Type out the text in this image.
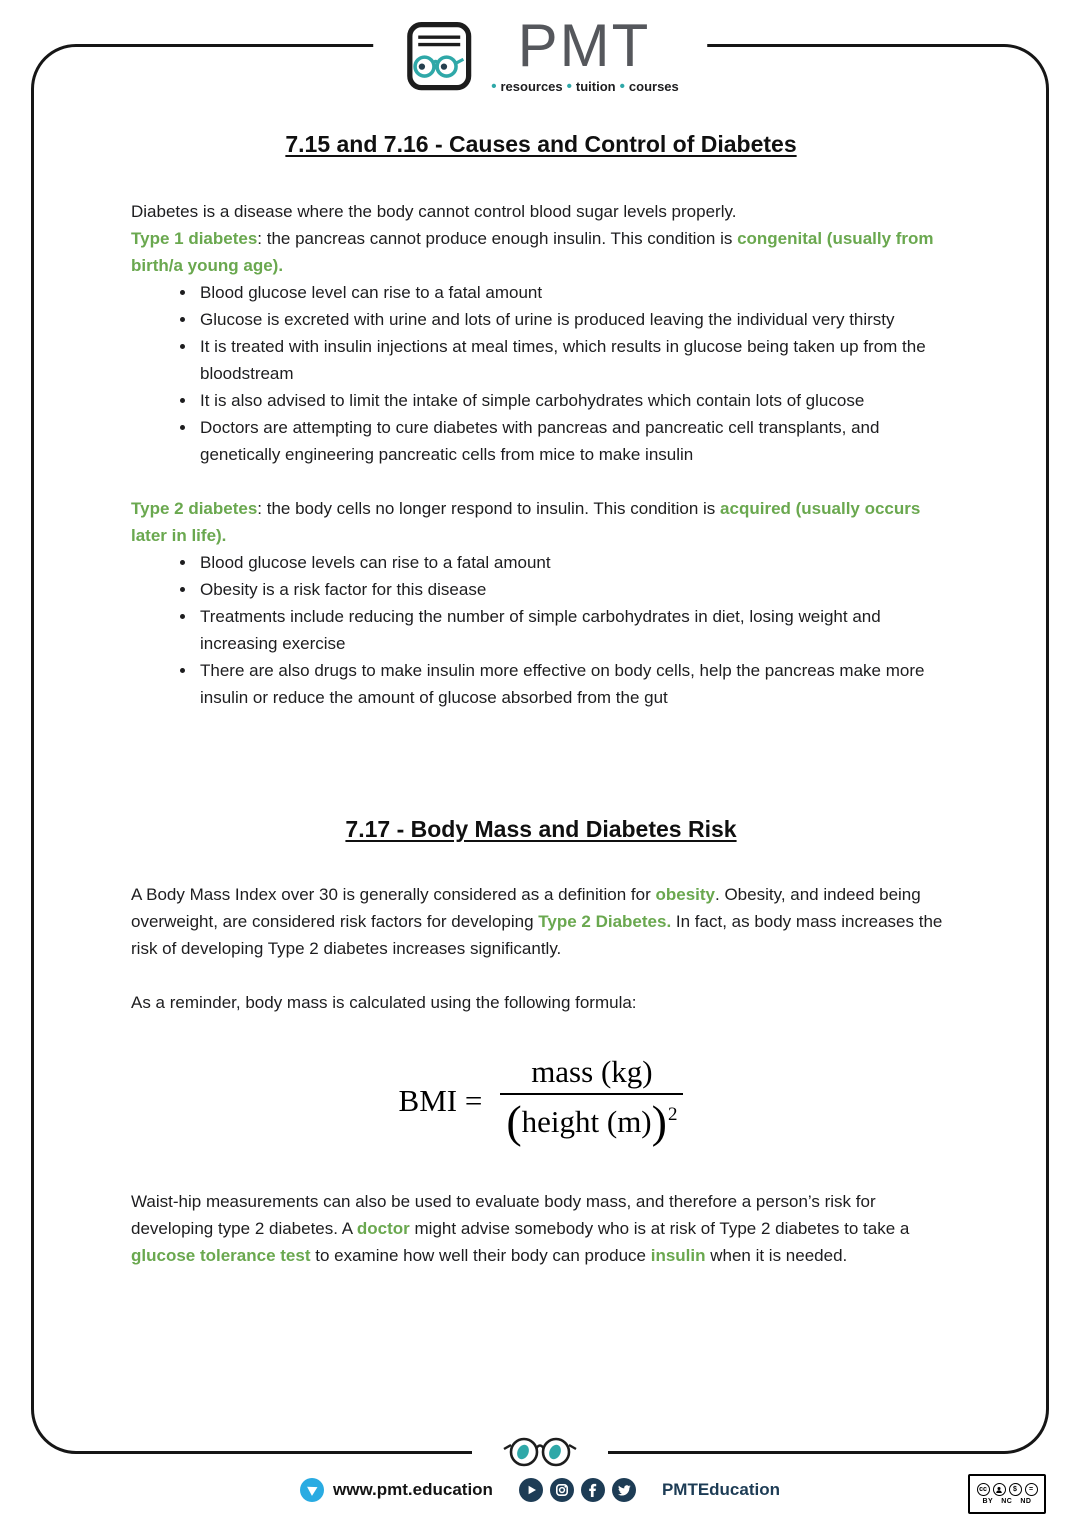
PMT
• resources • tuition • courses
7.15 and 7.16 - Causes and Control of Diabetes

Diabetes is a disease where the body cannot control blood sugar levels properly.

Type 1 diabetes: the pancreas cannot produce enough insulin. This condition is congenital (usually from birth/a young age).

• Blood glucose level can rise to a fatal amount
• Glucose is excreted with urine and lots of urine is produced leaving the individual very thirsty
• It is treated with insulin injections at meal times, which results in glucose being taken up from the bloodstream
• It is also advised to limit the intake of simple carbohydrates which contain lots of glucose
• Doctors are attempting to cure diabetes with pancreas and pancreatic cell transplants, and genetically engineering pancreatic cells from mice to make insulin

Type 2 diabetes: the body cells no longer respond to insulin. This condition is acquired (usually occurs later in life).

• Blood glucose levels can rise to a fatal amount
• Obesity is a risk factor for this disease
• Treatments include reducing the number of simple carbohydrates in diet, losing weight and increasing exercise
• There are also drugs to make insulin more effective on body cells, help the pancreas make more insulin or reduce the amount of glucose absorbed from the gut
7.17 - Body Mass and Diabetes Risk

A Body Mass Index over 30 is generally considered as a definition for obesity. Obesity, and indeed being overweight, are considered risk factors for developing Type 2 Diabetes. In fact, as body mass increases the risk of developing Type 2 diabetes increases significantly.

As a reminder, body mass is calculated using the following formula:

BMI = $\frac{\text{mass (kg)}}{\text{( height (m) ) 2}}$

Waist-hip measurements can also be used to evaluate body mass, and therefore a person’s risk for developing type 2 diabetes. A doctor might advise somebody who is at risk of Type 2 diabetes to take a glucose tolerance test to examine how well their body can produce insulin when it is needed.

www.pmt.education	PMTEducation	cc	$	=
BY NC ND
